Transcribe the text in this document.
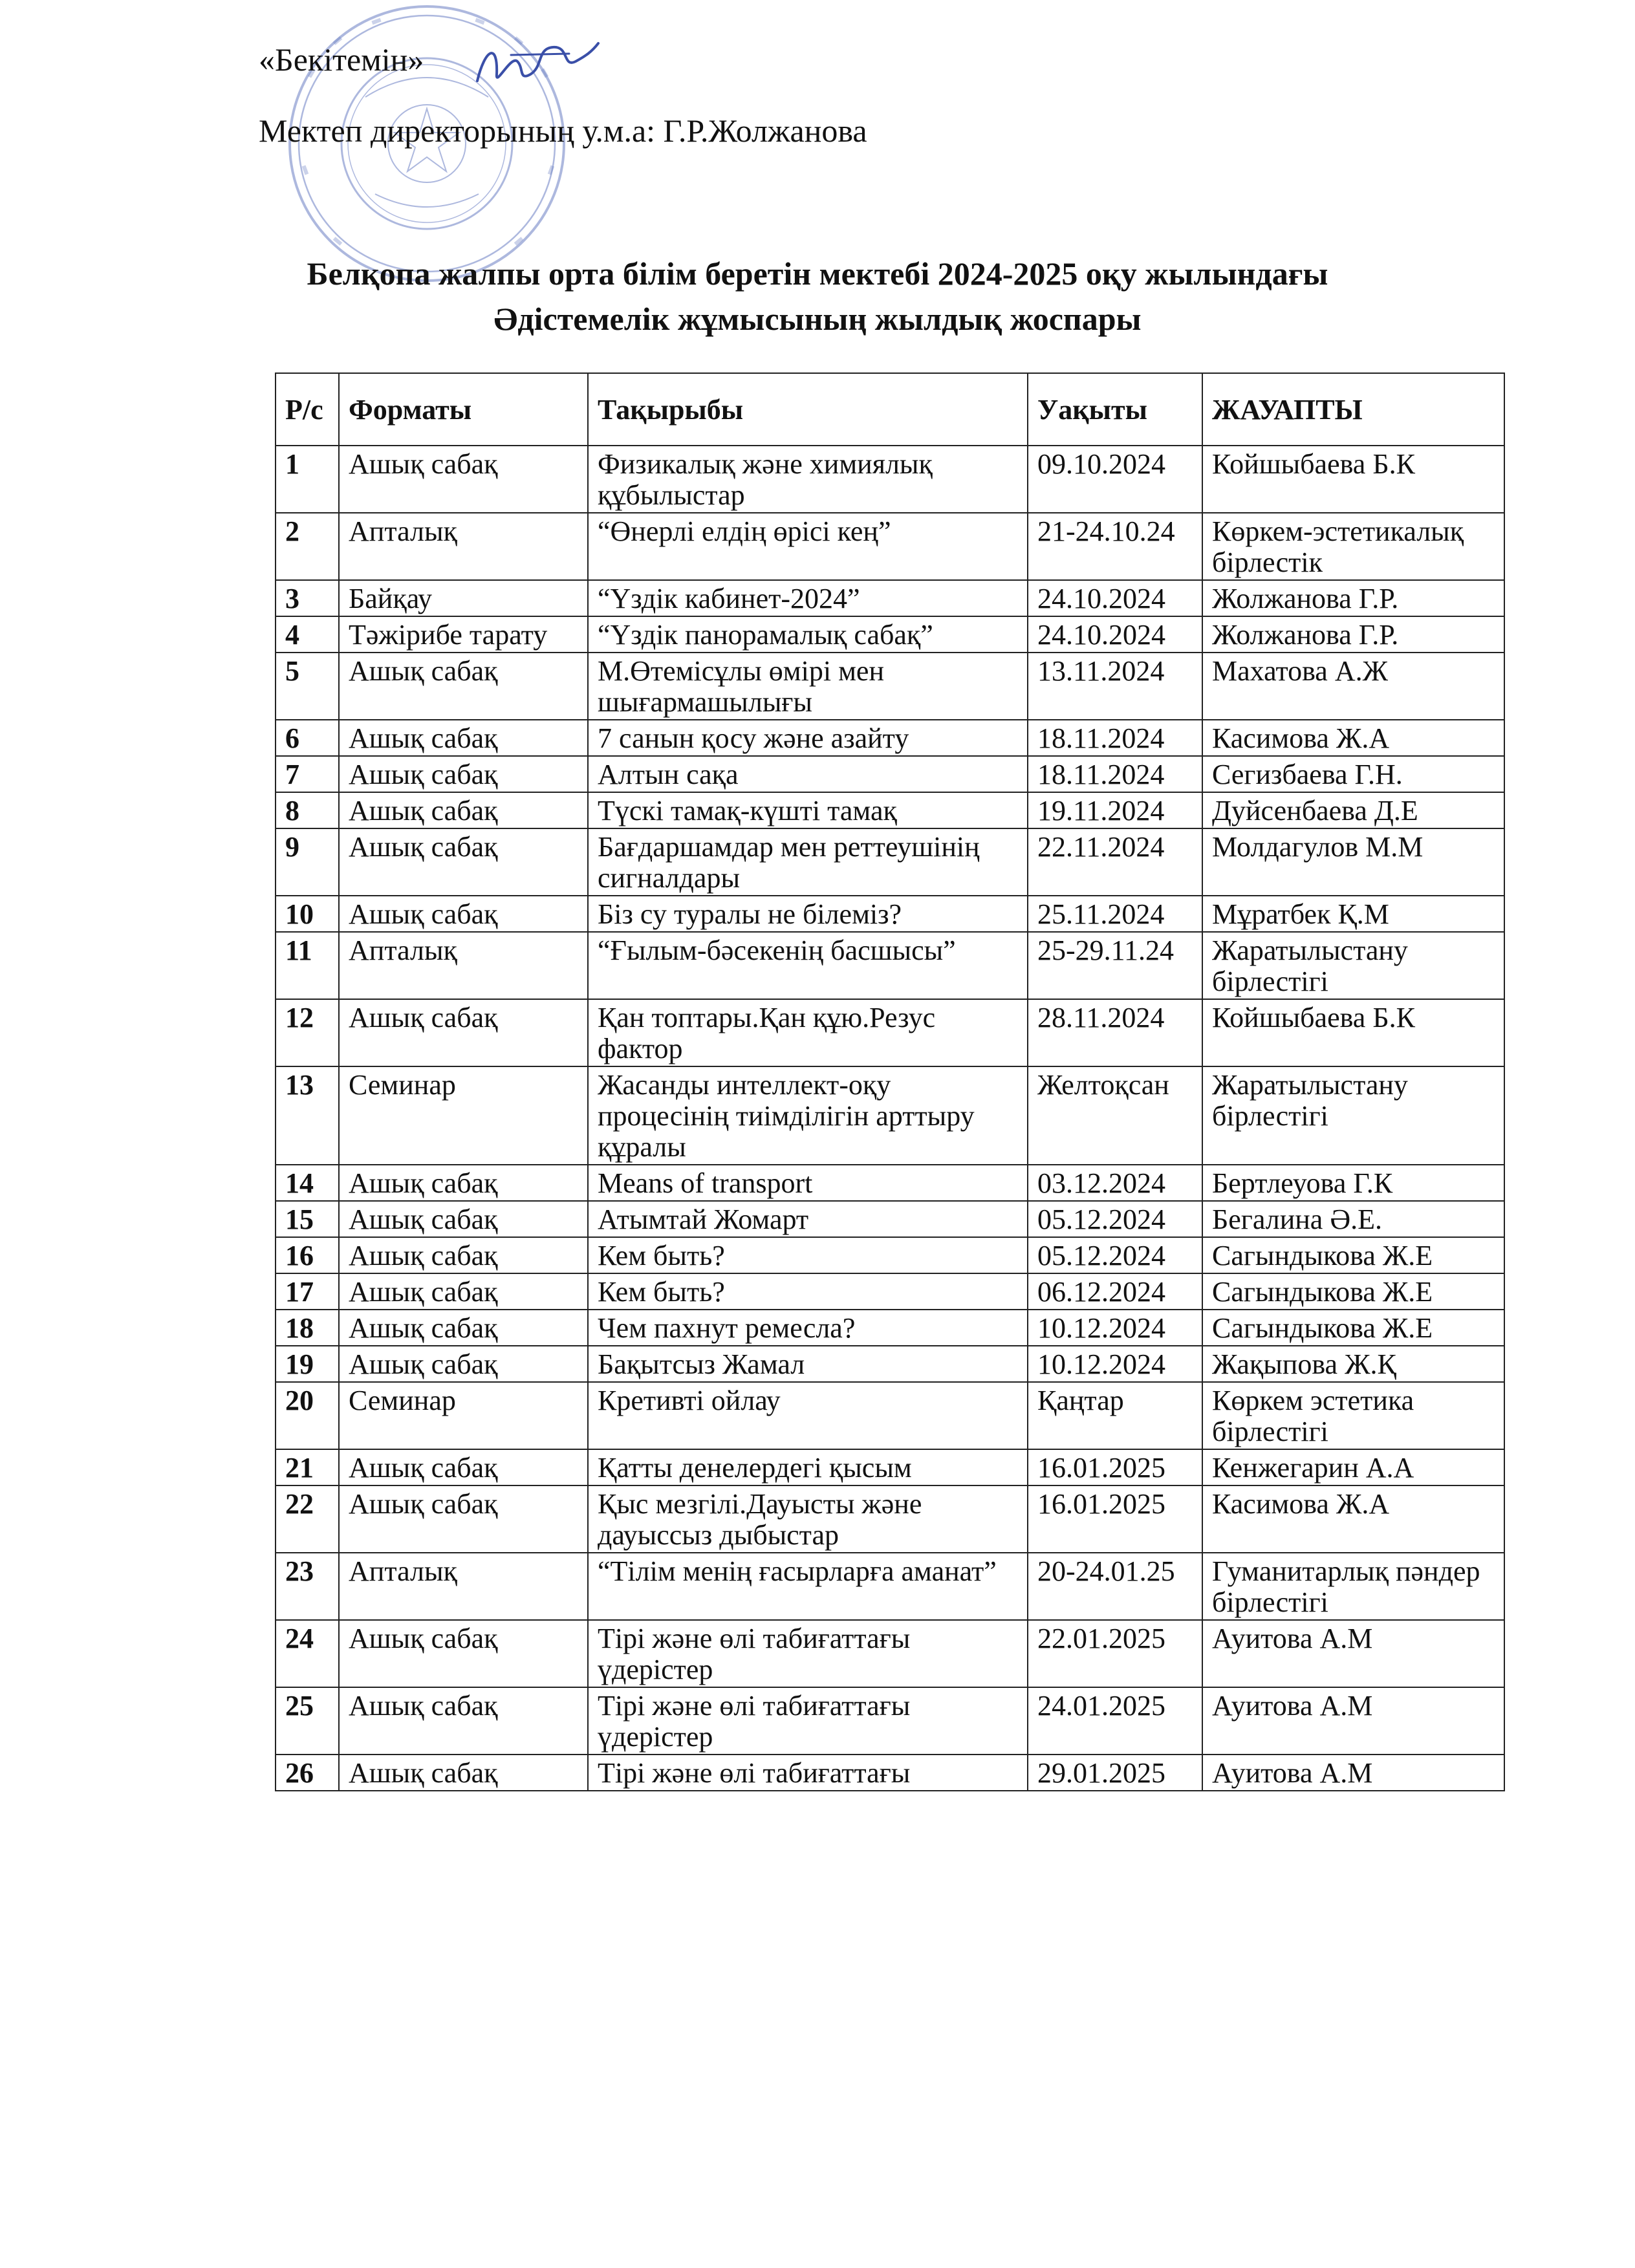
«Бекітемін»
Мектеп директорының у.м.а: Г.Р.Жолжанова
Белқопа жалпы орта білім беретін мектебі 2024-2025 оқу жылындағы
Әдістемелік жұмысының жылдық жоспары
Р/с	Форматы	Тақырыбы	Уақыты	ЖАУАПТЫ
1	Ашық сабақ	Физикалық және химиялық құбылыстар	09.10.2024	Койшыбаева Б.К
2	Апталық	“Өнерлі елдің өрісі кең”	21-24.10.24	Көркем-эстетикалық бірлестік
3	Байқау	“Үздік кабинет-2024”	24.10.2024	Жолжанова Г.Р.
4	Тәжірибе тарату	“Үздік панорамалық сабақ”	24.10.2024	Жолжанова Г.Р.
5	Ашық сабақ	М.Өтемісұлы өмірі мен шығармашылығы	13.11.2024	Махатова А.Ж
6	Ашық сабақ	7 санын қосу және азайту	18.11.2024	Касимова Ж.А
7	Ашық сабақ	Алтын сақа	18.11.2024	Сегизбаева Г.Н.
8	Ашық сабақ	Түскі тамақ-күшті тамақ	19.11.2024	Дуйсенбаева Д.Е
9	Ашық сабақ	Бағдаршамдар мен реттеушінің сигналдары	22.11.2024	Молдагулов М.М
10	Ашық сабақ	Біз су туралы не білеміз?	25.11.2024	Мұратбек Қ.М
11	Апталық	“Ғылым-бәсекенің басшысы”	25-29.11.24	Жаратылыстану бірлестігі
12	Ашық сабақ	Қан топтары.Қан құю.Резус фактор	28.11.2024	Койшыбаева Б.К
13	Семинар	Жасанды интеллект-оқу процесінің тиімділігін арттыру құралы	Желтоқсан	Жаратылыстану бірлестігі
14	Ашық сабақ	Means of transport	03.12.2024	Бертлеуова Г.К
15	Ашық сабақ	Атымтай Жомарт	05.12.2024	Бегалина Ә.Е.
16	Ашық сабақ	Кем быть?	05.12.2024	Сагындыкова Ж.Е
17	Ашық сабақ	Кем быть?	06.12.2024	Сагындыкова Ж.Е
18	Ашық сабақ	Чем пахнут ремесла?	10.12.2024	Сагындыкова Ж.Е
19	Ашық сабақ	Бақытсыз Жамал	10.12.2024	Жақыпова Ж.Қ
20	Семинар	Кретивті ойлау	Қаңтар	Көркем эстетика бірлестігі
21	Ашық сабақ	Қатты денелердегі қысым	16.01.2025	Кенжегарин А.А
22	Ашық сабақ	Қыс мезгілі.Дауысты және дауыссыз дыбыстар	16.01.2025	Касимова Ж.А
23	Апталық	“Тілім менің ғасырларға аманат”	20-24.01.25	Гуманитарлық пәндер бірлестігі
24	Ашық сабақ	Тірі және өлі табиғаттағы үдерістер	22.01.2025	Ауитова А.М
25	Ашық сабақ	Тірі және өлі табиғаттағы үдерістер	24.01.2025	Ауитова А.М
26	Ашық сабақ	Тірі және өлі табиғаттағы	29.01.2025	Ауитова А.М
